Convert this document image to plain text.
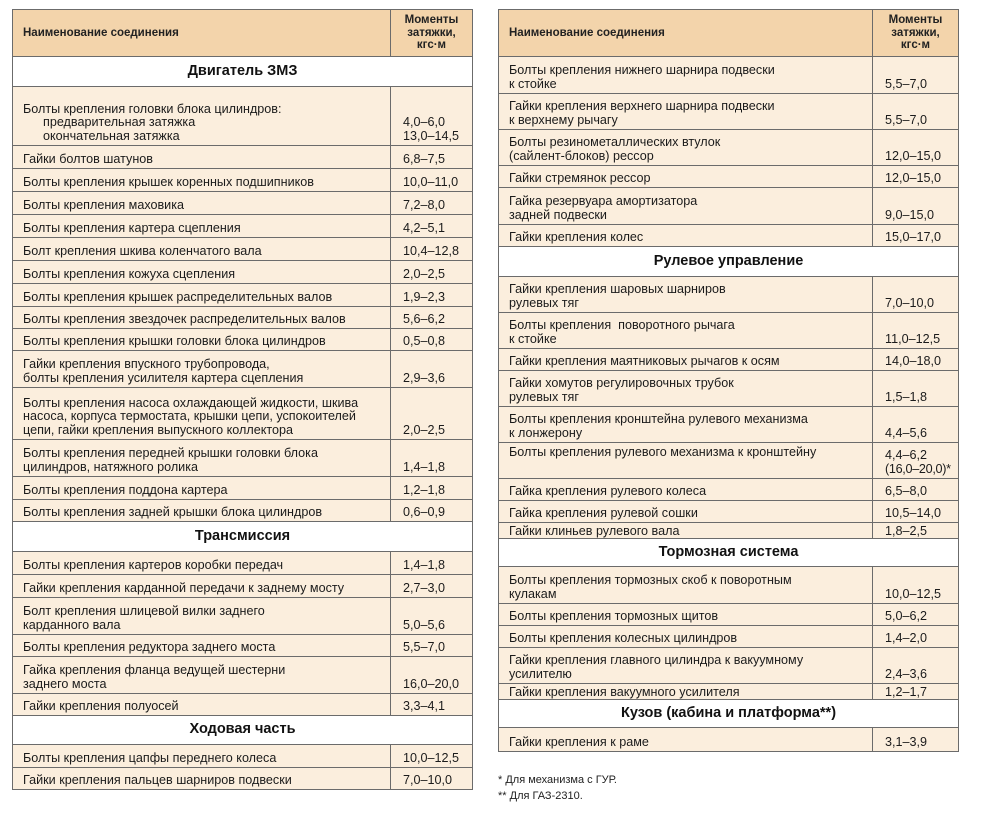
Наименование соединения	Моменты
затяжки,
кгс·м

Двигатель ЗМЗ	

Болты крепления головки блока цилиндров:
предварительная затяжка
окончательная затяжка	4,0–6,0
13,0–14,5

Гайки болтов шатунов	6,8–7,5
Болты крепления крышек коренных подшипников	10,0–11,0
Болты крепления маховика	7,2–8,0
Болты крепления картера сцепления	4,2–5,1
Болт крепления шкива коленчатого вала	10,4–12,8
Болты крепления кожуха сцепления	2,0–2,5
Болты крепления крышек распределительных валов	1,9–2,3
Болты крепления звездочек распределительных валов	5,6–6,2
Болты крепления крышки головки блока цилиндров	0,5–0,8

Гайки крепления впускного трубопровода,
болты крепления усилителя картера сцепления	2,9–3,6

Болты крепления насоса охлаждающей жидкости, шкива
насоса, корпуса термостата, крышки цепи, успокоителей
цепи, гайки крепления выпускного коллектора	2,0–2,5

Болты крепления передней крышки головки блока
цилиндров, натяжного ролика	1,4–1,8
Болты крепления поддона картера	1,2–1,8
Болты крепления задней крышки блока цилиндров	0,6–0,9
Трансмиссия	
Болты крепления картеров коробки передач	1,4–1,8
Гайки крепления карданной передачи к заднему мосту	2,7–3,0

Болт крепления шлицевой вилки заднего
карданного вала	5,0–5,6
Болты крепления редуктора заднего моста	5,5–7,0

Гайка крепления фланца ведущей шестерни
заднего моста	16,0–20,0
Гайки крепления полуосей	3,3–4,1
Ходовая часть	
Болты крепления цапфы переднего колеса	10,0–12,5
Гайки крепления пальцев шарниров подвески	7,0–10,0
Наименование соединения	Моменты
затяжки,
кгс·м

Болты крепления нижнего шарнира подвески
к стойке	5,5–7,0

Гайки крепления верхнего шарнира подвески
к верхнему рычагу	5,5–7,0

Болты резинометаллических втулок
(сайлент-блоков) рессор	12,0–15,0
Гайки стремянок рессор	12,0–15,0

Гайка резервуара амортизатора
задней подвески	9,0–15,0
Гайки крепления колес	15,0–17,0
Рулевое управление	

Гайки крепления шаровых шарниров
рулевых тяг	7,0–10,0

Болты крепления  поворотного рычага
к стойке	11,0–12,5
Гайки крепления маятниковых рычагов к осям	14,0–18,0

Гайки хомутов регулировочных трубок
рулевых тяг	1,5–1,8

Болты крепления кронштейна рулевого механизма
к лонжерону	4,4–5,6
Болты крепления рулевого механизма к кронштейну	4,4–6,2
(16,0–20,0)*

Гайка крепления рулевого колеса	6,5–8,0
Гайка крепления рулевой сошки	10,5–14,0
Гайки клиньев рулевого вала	1,8–2,5
Тормозная система	

Болты крепления тормозных скоб к поворотным
кулакам	10,0–12,5
Болты крепления тормозных щитов	5,0–6,2
Болты крепления колесных цилиндров	1,4–2,0

Гайки крепления главного цилиндра к вакуумному
усилителю	2,4–3,6
Гайки крепления вакуумного усилителя	1,2–1,7
Кузов (кабина и платформа**)	
Гайки крепления к раме	3,1–3,9
* Для механизма с ГУР.
** Для ГАЗ-2310.
